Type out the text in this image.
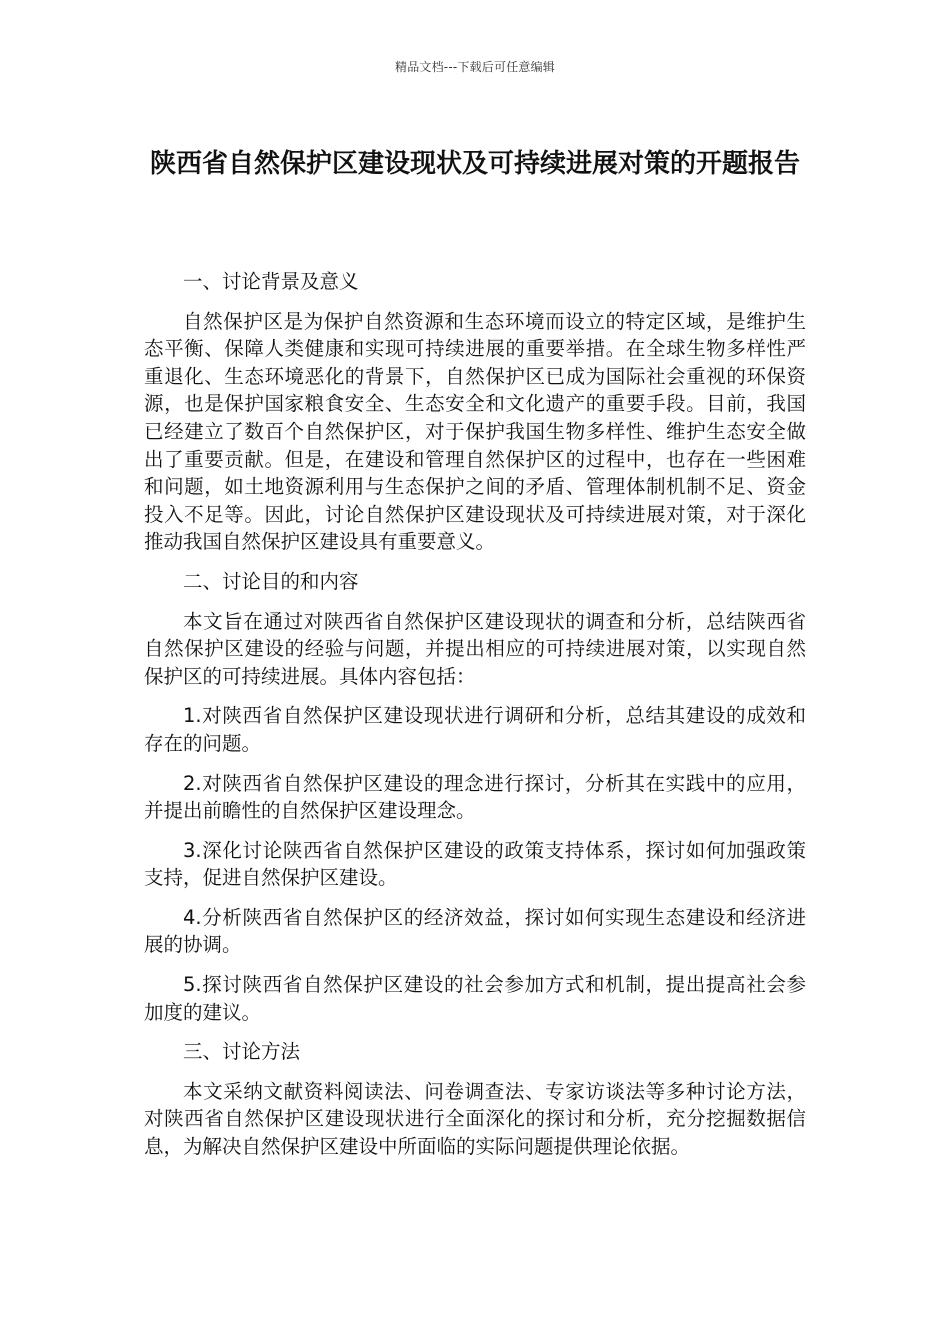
精品文档---下载后可任意编辑
陕西省自然保护区建设现状及可持续进展对策的开题报告

一、讨论背景及意义

自然保护区是为保护自然资源和生态环境而设立的特定区域，是维护生态平衡、保障人类健康和实现可持续进展的重要举措。在全球生物多样性严重退化、生态环境恶化的背景下，自然保护区已成为国际社会重视的环保资源，也是保护国家粮食安全、生态安全和文化遗产的重要手段。目前，我国已经建立了数百个自然保护区，对于保护我国生物多样性、维护生态安全做出了重要贡献。但是，在建设和管理自然保护区的过程中，也存在一些困难和问题，如土地资源利用与生态保护之间的矛盾、管理体制机制不足、资金投入不足等。因此，讨论自然保护区建设现状及可持续进展对策，对于深化推动我国自然保护区建设具有重要意义。

二、讨论目的和内容

本文旨在通过对陕西省自然保护区建设现状的调查和分析，总结陕西省自然保护区建设的经验与问题，并提出相应的可持续进展对策，以实现自然保护区的可持续进展。具体内容包括：

1.对陕西省自然保护区建设现状进行调研和分析，总结其建设的成效和存在的问题。

2.对陕西省自然保护区建设的理念进行探讨，分析其在实践中的应用，并提出前瞻性的自然保护区建设理念。

3.深化讨论陕西省自然保护区建设的政策支持体系，探讨如何加强政策支持，促进自然保护区建设。

4.分析陕西省自然保护区的经济效益，探讨如何实现生态建设和经济进展的协调。

5.探讨陕西省自然保护区建设的社会参加方式和机制，提出提高社会参加度的建议。

三、讨论方法

本文采纳文献资料阅读法、问卷调查法、专家访谈法等多种讨论方法，对陕西省自然保护区建设现状进行全面深化的探讨和分析，充分挖掘数据信息，为解决自然保护区建设中所面临的实际问题提供理论依据。
